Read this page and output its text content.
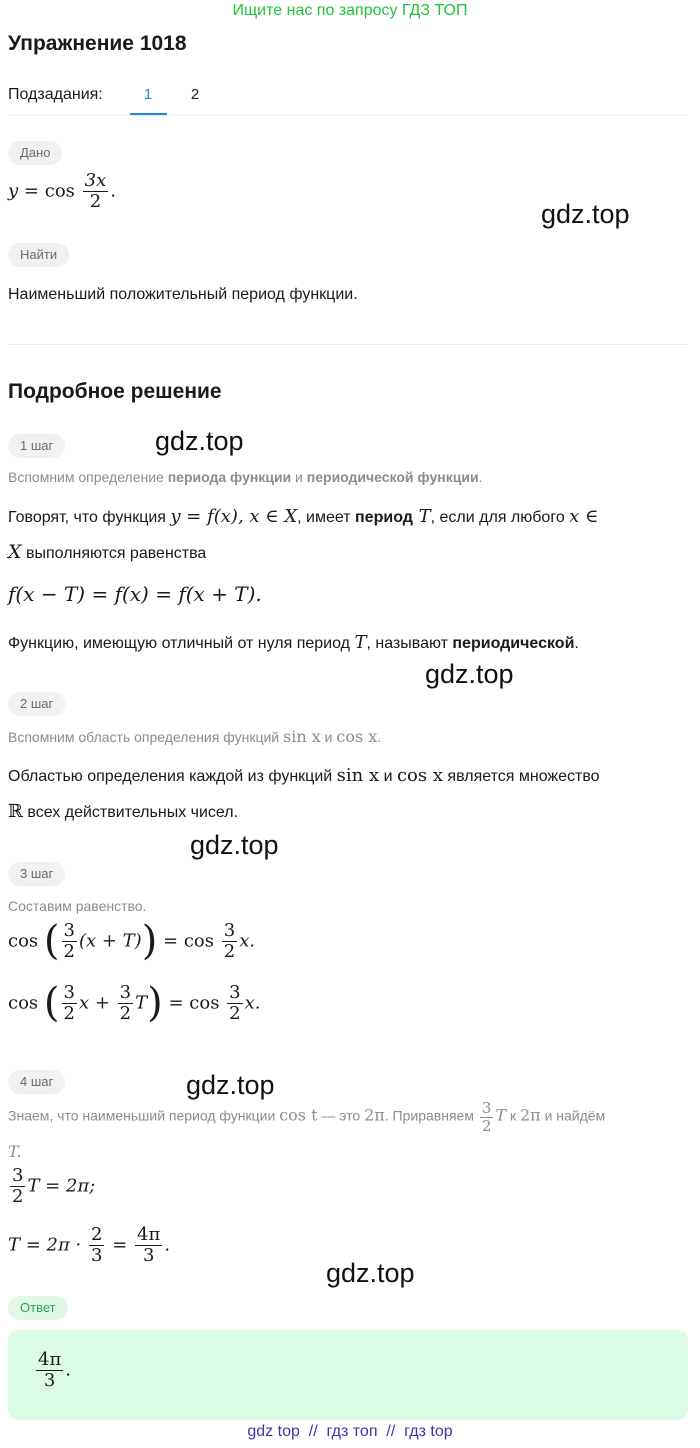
Ищите нас по запросу ГДЗ ТОП
Упражнение 1018
Подзадания:	1	2
Дано
$y = \cos \frac{3x}{2}$ .
gdz.top
Найти
Наименьший положительный период функции.
Подробное решение
1 шаг	gdz.top
Вспомним определение периода функции и периодической функции.
Говорят, что функция y = f(x), x ∈ X, имеет период T, если для любого x ∈
X выполняются равенства
f(x − T) = f(x) = f(x + T).
Функцию, имеющую отличный от нуля период T, называют периодической.
gdz.top
2 шаг
Вспомним область определения функций sin x и cos x.
Областью определения каждой из функций sin x и cos x является множество
ℝ всех действительных чисел.
gdz.top
3 шаг
Составим равенство.
cos ( $\frac{3}{2} (x + T)) = \cos \frac{3}{2} x$.
cos ( $\frac{3}{2}$ $x + \frac{3}{2} T) = \cos \frac{3}{2} x$.
4 шаг	gdz.top
Знаем, что наименьший период функции cos t — это 2π. Приравняем $\frac{3}{2}$ T к 2π и найдём
T.
$\frac{3}{2}$ T = 2π;
$T = 2\pi \cdot \frac{2}{3} = \frac{4\pi}{3}$ .
gdz.top
Ответ
$\frac{4\pi}{3}$ .
gdz top  //  гдз топ  //  гдз top
